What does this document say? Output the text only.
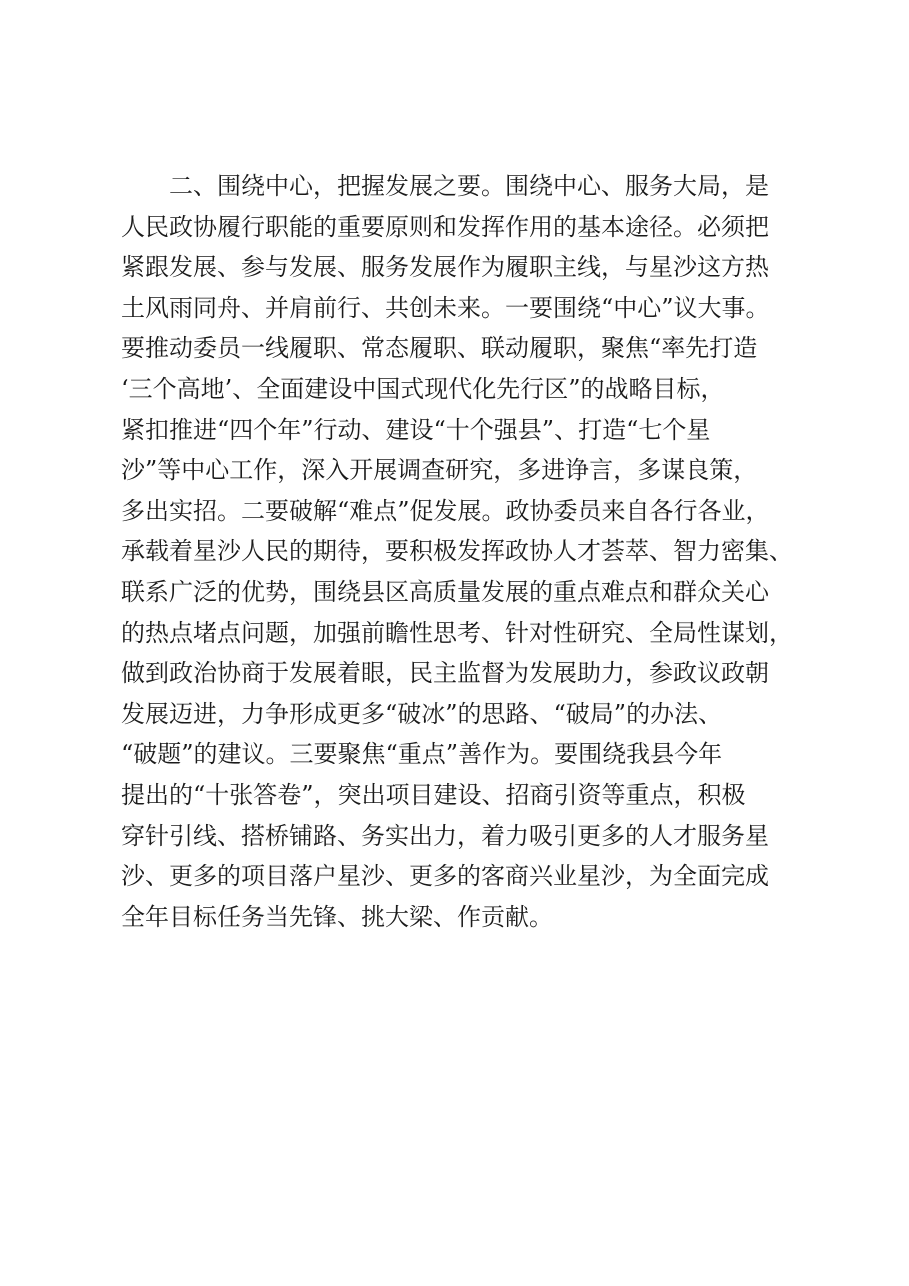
　　二、围绕中心，把握发展之要。围绕中心、服务大局，是
人民政协履行职能的重要原则和发挥作用的基本途径。必须把
紧跟发展、参与发展、服务发展作为履职主线，与星沙这方热
土风雨同舟、并肩前行、共创未来。一要围绕“中心”议大事。
要推动委员一线履职、常态履职、联动履职，聚焦“率先打造
‘三个高地’、全面建设中国式现代化先行区”的战略目标，
紧扣推进“四个年”行动、建设“十个强县”、打造“七个星
沙”等中心工作，深入开展调查研究，多进诤言，多谋良策，
多出实招。二要破解“难点”促发展。政协委员来自各行各业，
承载着星沙人民的期待，要积极发挥政协人才荟萃、智力密集、
联系广泛的优势，围绕县区高质量发展的重点难点和群众关心
的热点堵点问题，加强前瞻性思考、针对性研究、全局性谋划，
做到政治协商于发展着眼，民主监督为发展助力，参政议政朝
发展迈进，力争形成更多“破冰”的思路、“破局”的办法、
“破题”的建议。三要聚焦“重点”善作为。要围绕我县今年
提出的“十张答卷”，突出项目建设、招商引资等重点，积极
穿针引线、搭桥铺路、务实出力，着力吸引更多的人才服务星
沙、更多的项目落户星沙、更多的客商兴业星沙，为全面完成
全年目标任务当先锋、挑大梁、作贡献。
